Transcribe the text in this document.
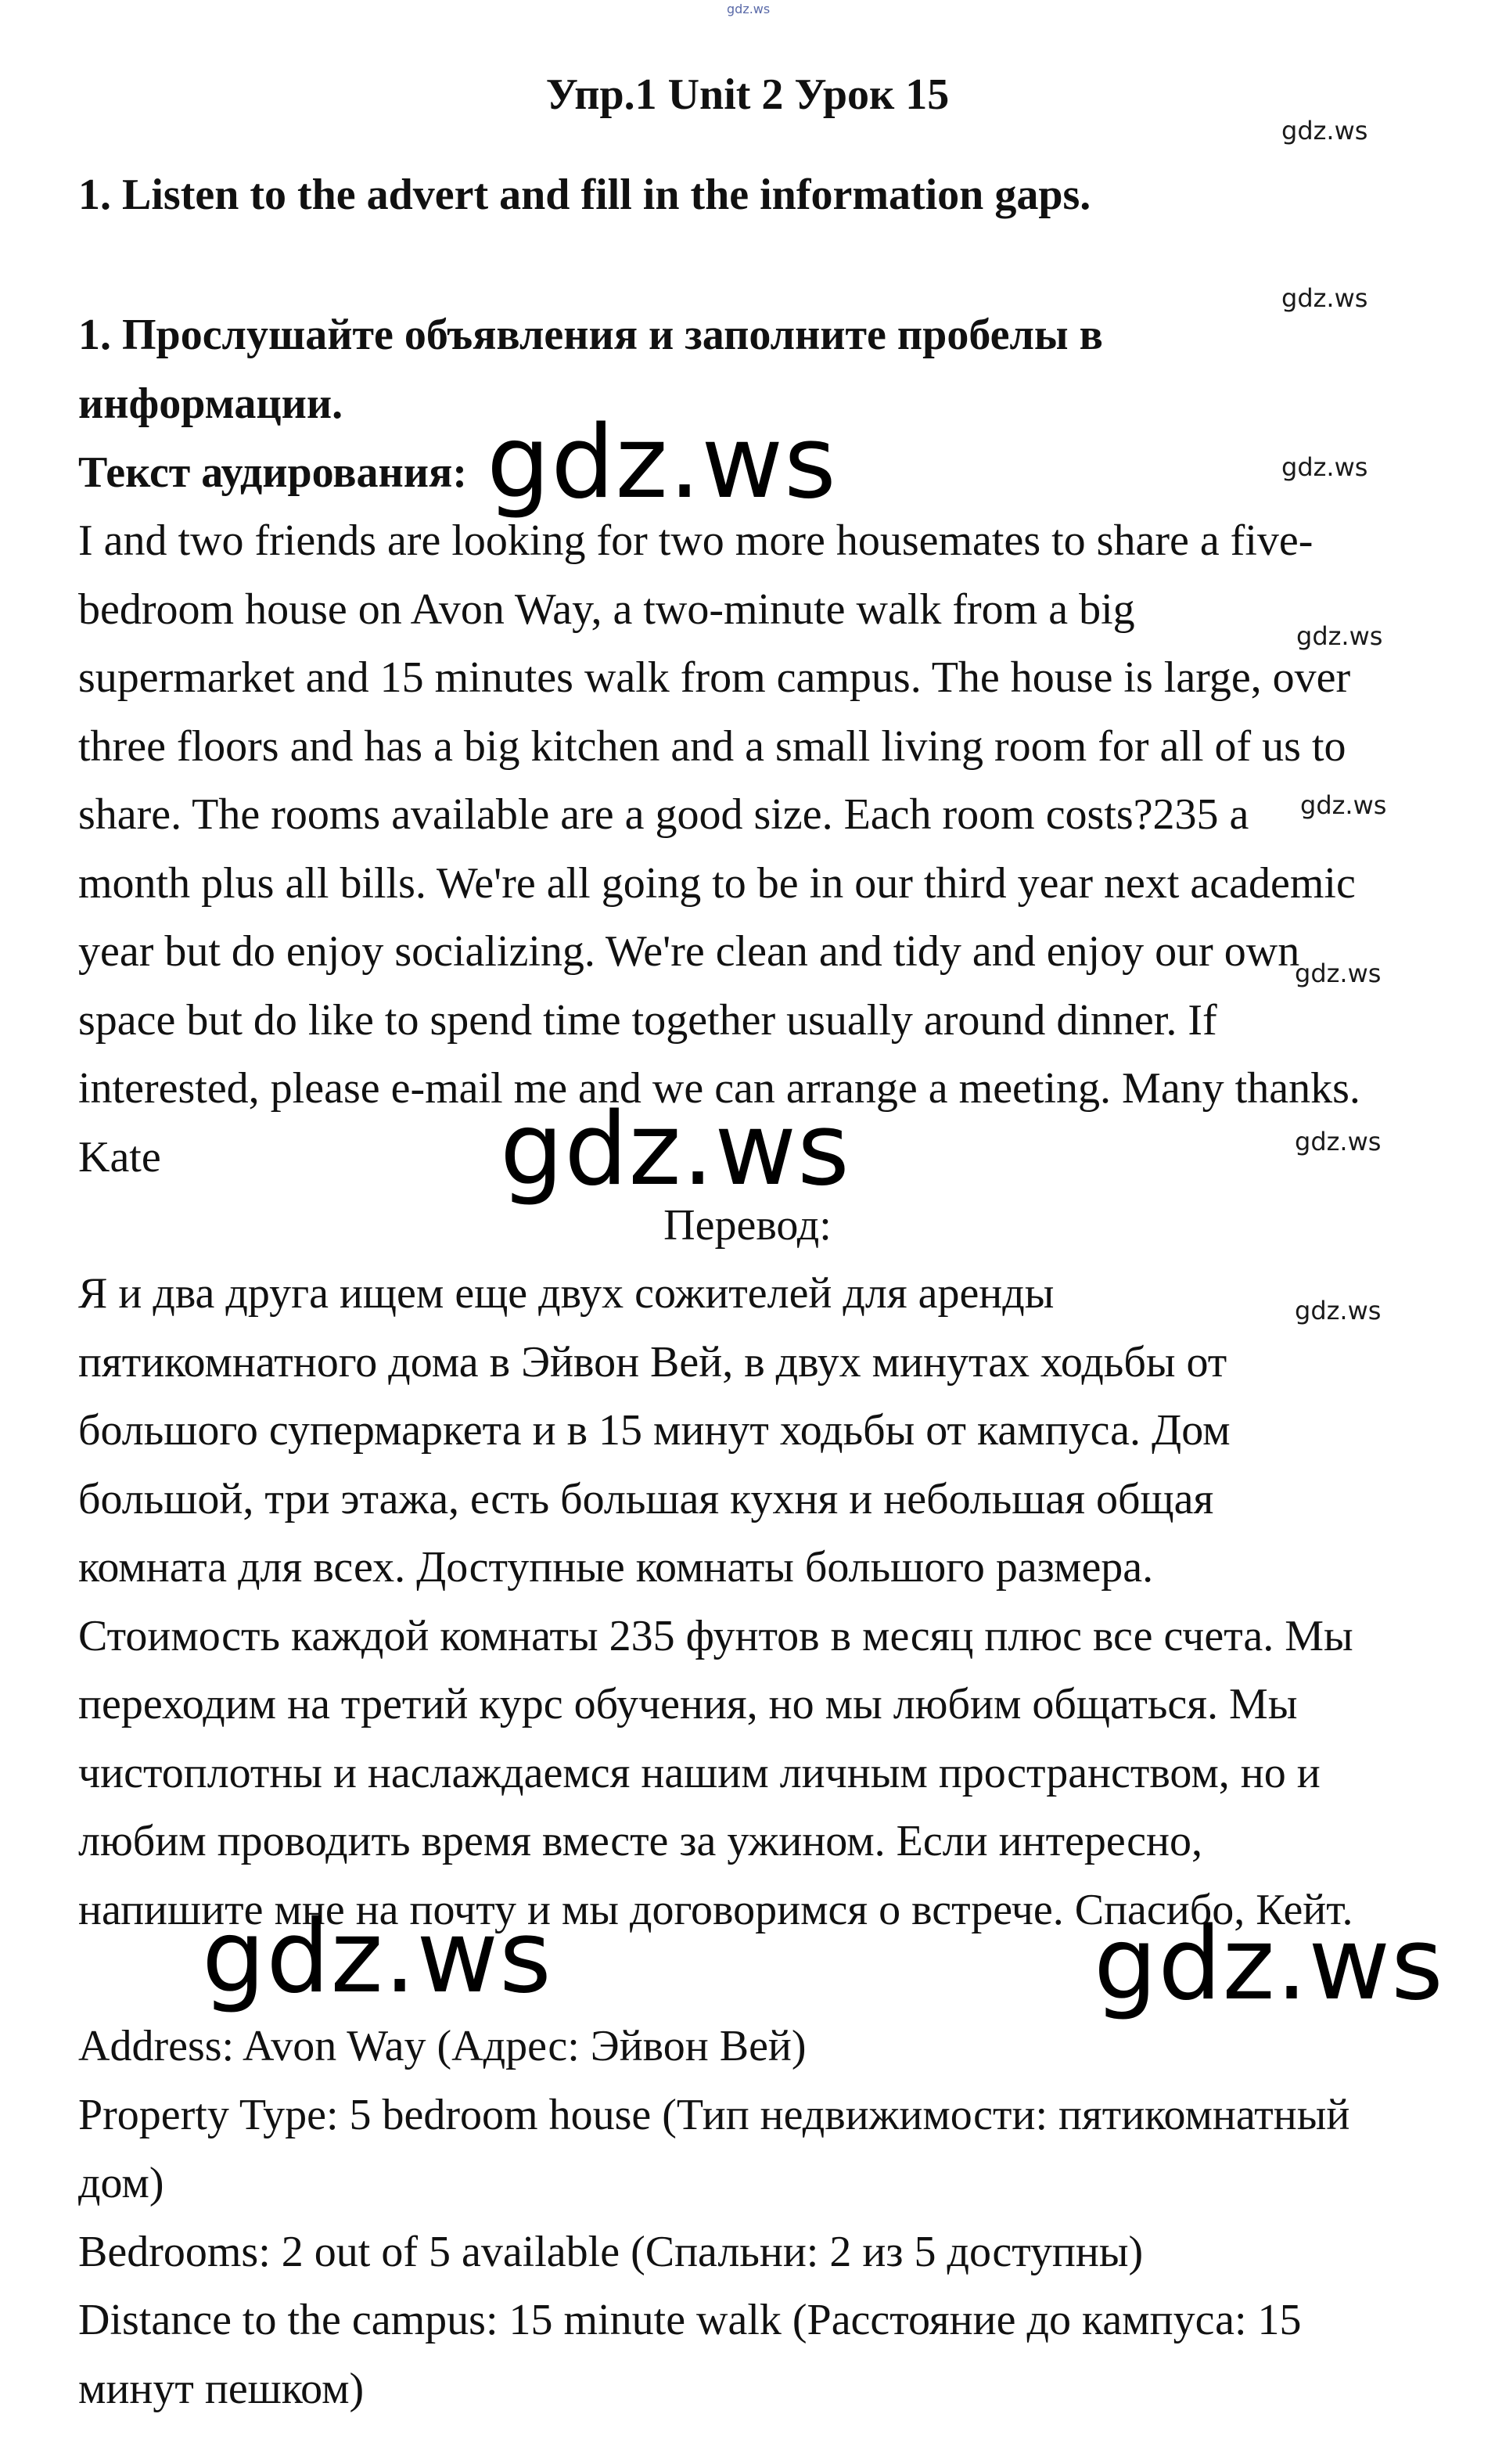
gdz.ws
Упр.1 Unit 2 Урок 15
1. Listen to the advert and fill in the information gaps.
1. Прослушайте объявления и заполните пробелы в
информации.
Текст аудирования:
I and two friends are looking for two more housemates to share a five-
bedroom house on Avon Way, a two-minute walk from a big
supermarket and 15 minutes walk from campus. The house is large, over
three floors and has a big kitchen and a small living room for all of us to
share. The rooms available are a good size. Each room costs?235 a
month plus all bills. We're all going to be in our third year next academic
year but do enjoy socializing. We're clean and tidy and enjoy our own
space but do like to spend time together usually around dinner. If
interested, please e-mail me and we can arrange a meeting. Many thanks.
Kate
Перевод:
Я и два друга ищем еще двух сожителей для аренды
пятикомнатного дома в Эйвон Вей, в двух минутах ходьбы от
большого супермаркета и в 15 минут ходьбы от кампуса. Дом
большой, три этажа, есть большая кухня и небольшая общая
комната для всех. Доступные комнаты большого размера.
Стоимость каждой комнаты 235 фунтов в месяц плюс все счета. Мы
переходим на третий курс обучения, но мы любим общаться. Мы
чистоплотны и наслаждаемся нашим личным пространством, но и
любим проводить время вместе за ужином. Если интересно,
напишите мне на почту и мы договоримся о встрече. Спасибо, Кейт.
Address: Avon Way (Адрес: Эйвон Вей)
Property Type: 5 bedroom house (Тип недвижимости: пятикомнатный
дом)
Bedrooms: 2 out of 5 available (Спальни: 2 из 5 доступны)
Distance to the campus: 15 minute walk (Расстояние до кампуса: 15
минут пешком)
gdz.ws
gdz.ws
gdz.ws
gdz.ws
gdz.ws
gdz.ws
gdz.ws
gdz.ws
gdz.ws
gdz.ws
gdz.ws	gdz.ws
